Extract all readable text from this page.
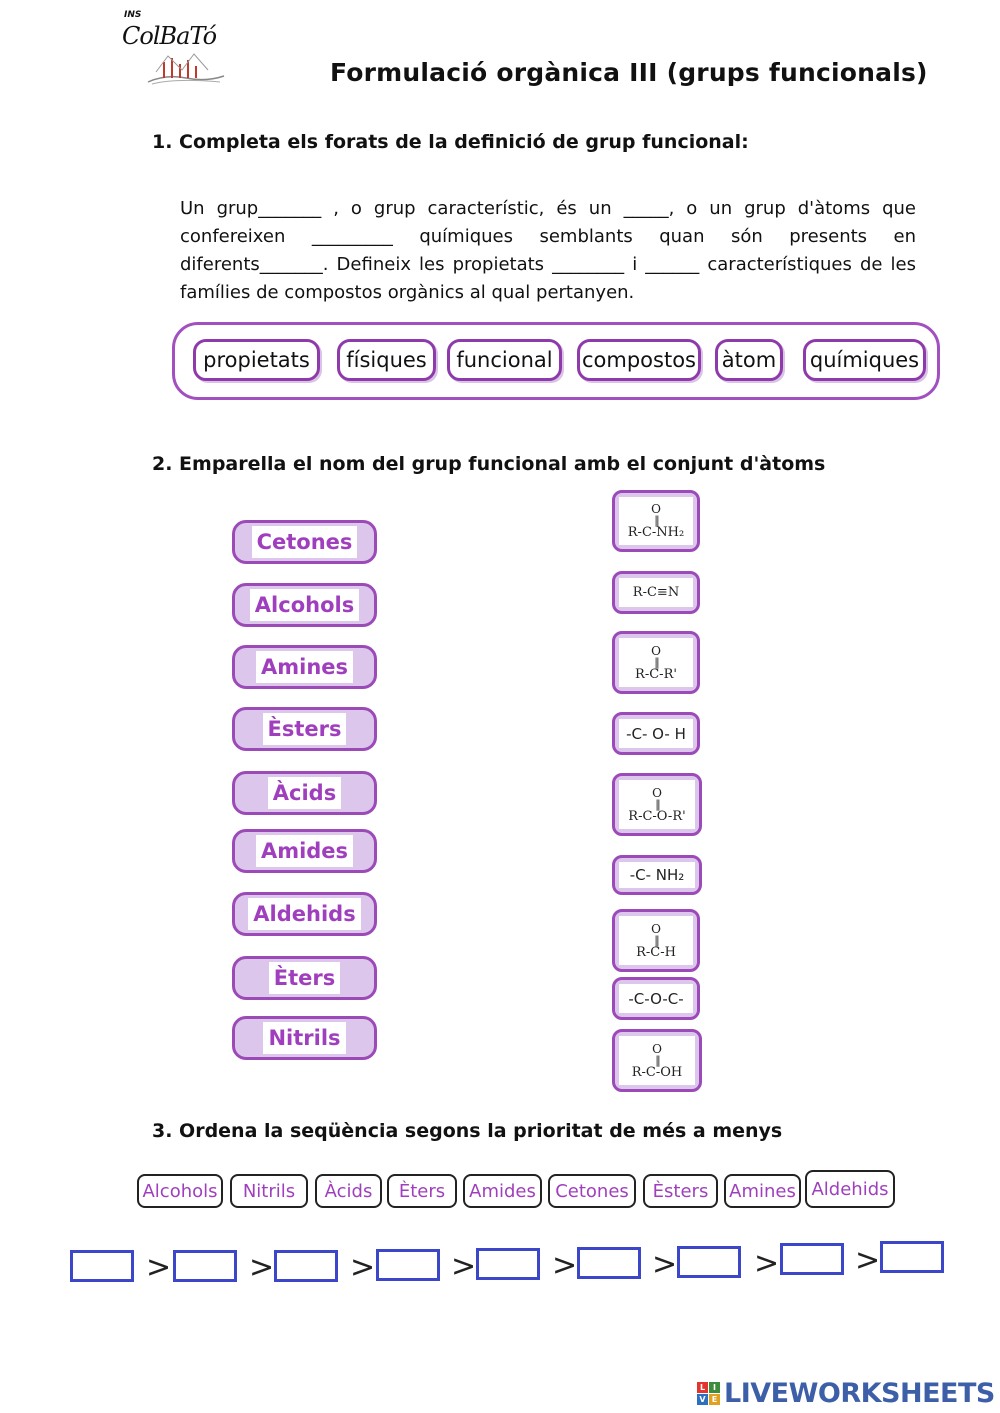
INS
ColBaTó
Formulació orgànica III (grups funcionals)
1. Completa els forats de la definició de grup funcional:
Un grup_______ , o grup característic, és un _____, o un grup d'àtoms que confereixen _________ químiques semblants quan són presents en diferents_______. Defineix les propietats ________ i ______ característiques de les famílies de compostos orgànics al qual pertanyen.
propietats	físiques	funcional	compostos	àtom	químiques
2. Emparella el nom del grup funcional amb el conjunt d'àtoms
Cetones
Alcohols
Amines
Èsters
Àcids
Amides
Aldehids
Èters
Nitrils
O
||
R-C-NH₂
R-C≡N
O
||
R-C-R'
-C- O- H
O
||
R-C-O-R'
-C- NH₂
O
||
R-C-H
-C-O-C-
O
||
R-C-OH
3. Ordena la seqüència segons la prioritat de més a menys
Alcohols	Nitrils	Àcids	Èters	Amides	Cetones	Èsters	Amines Aldehids
>	>	>	>	> >	>	>
L I
V E LIVEWORKSHEETS
